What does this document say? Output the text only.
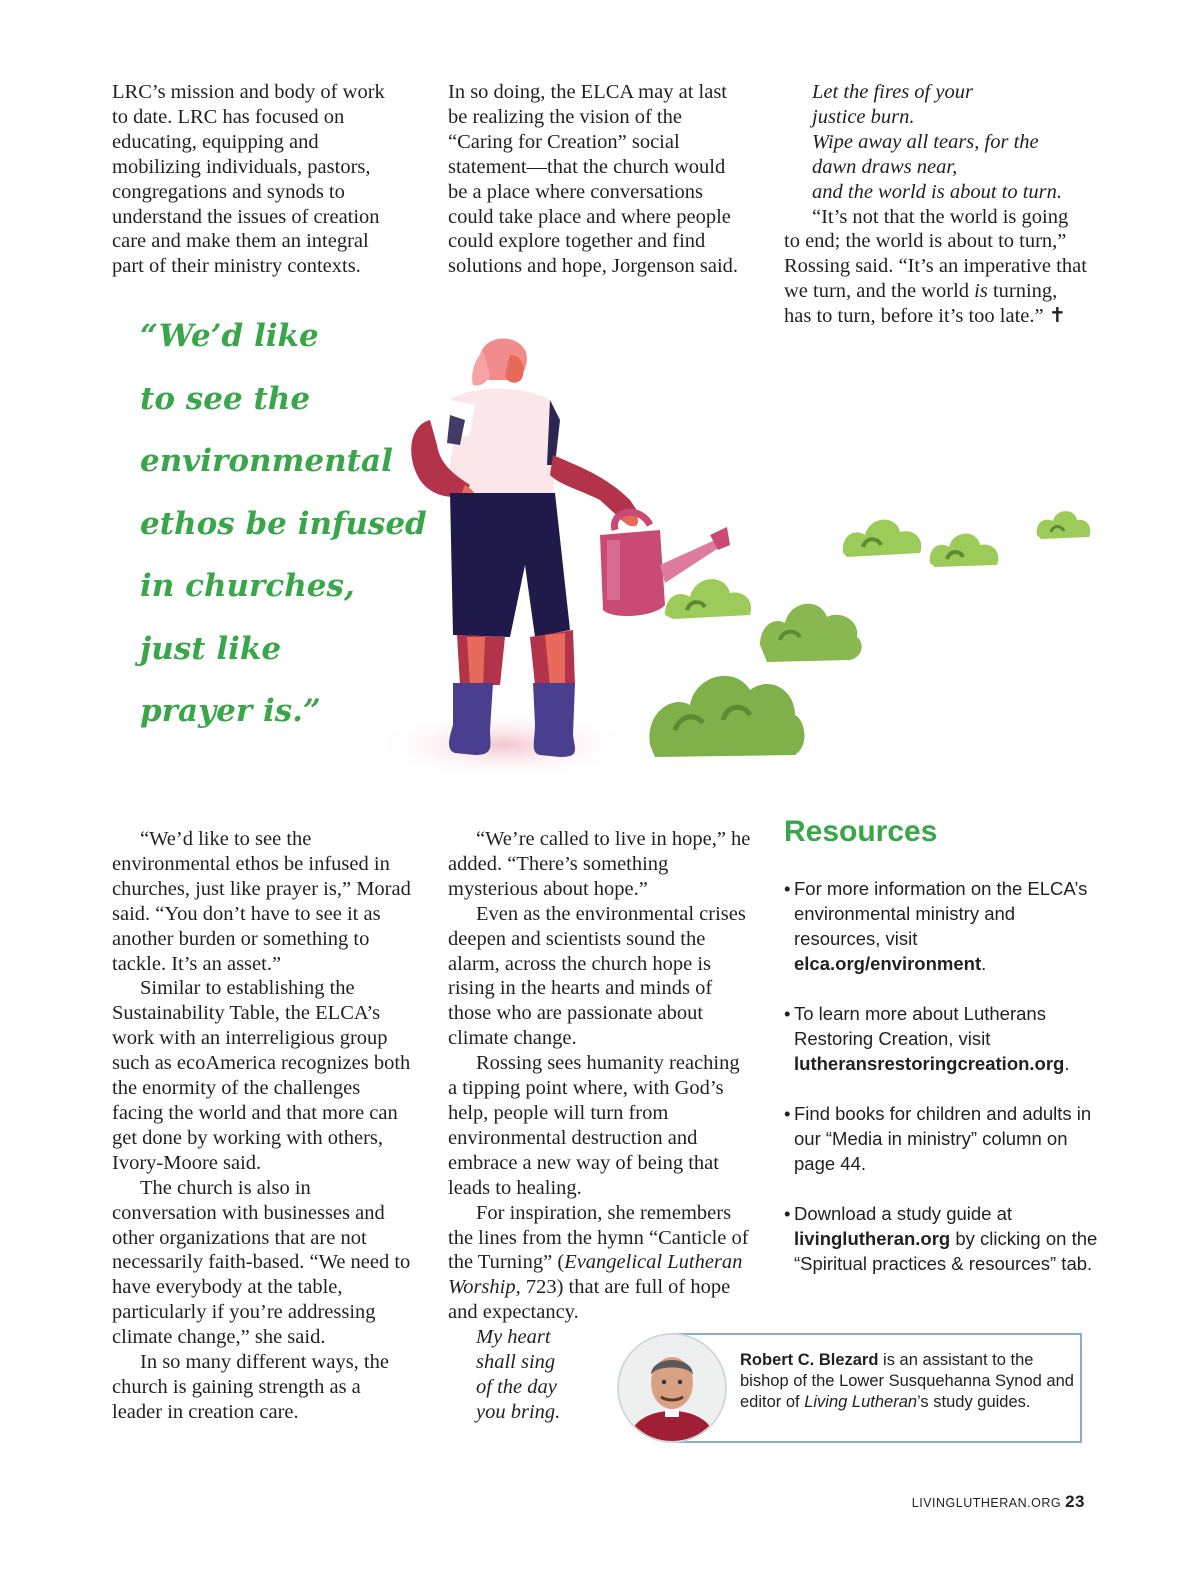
LRC’s mission and body of work to date. LRC has focused on educating, equipping and mobilizing individuals, pastors, congregations and synods to understand the issues of creation care and make them an integral part of their ministry contexts.

In so doing, the ELCA may at last be realizing the vision of the “Caring for Creation” social statement—that the church would be a place where conversations could take place and where people could explore together and find solutions and hope, Jorgenson said.

Let the fires of your

justice burn.

Wipe away all tears, for the

dawn draws near,

and the world is about to turn.

“It’s not that the world is going to end; the world is about to turn,” Rossing said. “It’s an imperative that we turn, and the world is turning, has to turn, before it’s too late.” ✝

“We’d like
to see the
environmental
ethos be infused
in churches,
just like
prayer is.”

“We’d like to see the environmental ethos be infused in churches, just like prayer is,” Morad said. “You don’t have to see it as another burden or something to tackle. It’s an asset.”

Similar to establishing the Sustainability Table, the ELCA’s work with an interreligious group such as ecoAmerica recognizes both the enormity of the challenges facing the world and that more can get done by working with others, Ivory-Moore said.

The church is also in conversation with businesses and other organizations that are not necessarily faith-based. “We need to have everybody at the table, particularly if you’re addressing climate change,” she said.

In so many different ways, the church is gaining strength as a leader in creation care.

“We’re called to live in hope,” he added. “There’s something mysterious about hope.”

Even as the environmental crises deepen and scientists sound the alarm, across the church hope is rising in the hearts and minds of those who are passionate about climate change.

Rossing sees humanity reaching a tipping point where, with God’s help, people will turn from environmental destruction and embrace a new way of being that leads to healing.

For inspiration, she remembers the lines from the hymn “Canticle of the Turning” (Evangelical Lutheran Worship, 723) that are full of hope and expectancy.

My heart

shall sing

of the day

you bring.

Resources
• For more information on the ELCA’s environmental ministry and resources, visit elca.org/environment.
• To learn more about Lutherans Restoring Creation, visit lutheransrestoringcreation.org.
• Find books for children and adults in our “Media in ministry” column on page 44.
• Download a study guide at livinglutheran.org by clicking on the “Spiritual practices & resources” tab.
Robert C. Blezard is an assistant to the bishop of the Lower Susquehanna Synod and editor of Living Lutheran’s study guides.
LIVINGLUTHERAN.ORG 23
